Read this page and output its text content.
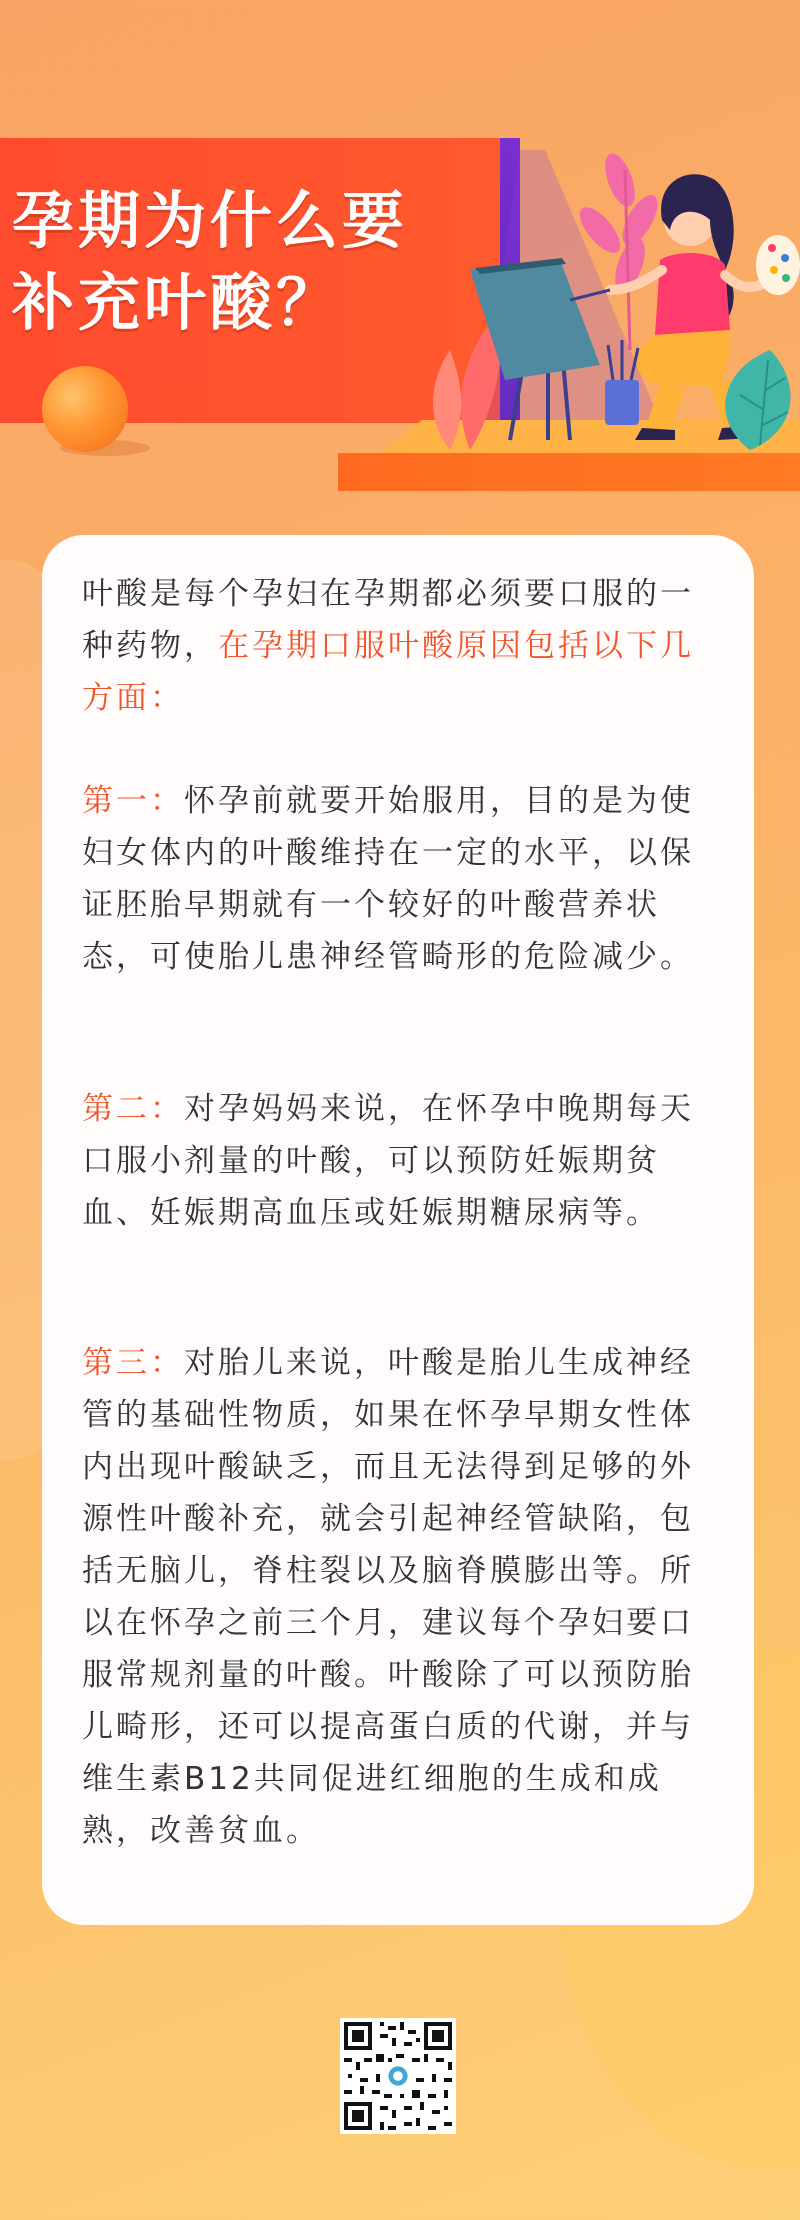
孕期为什么要
补充叶酸？

叶酸是每个孕妇在孕期都必须要口服的一种药物，在孕期口服叶酸原因包括以下几方面：

第一：怀孕前就要开始服用，目的是为使妇女体内的叶酸维持在一定的水平，以保证胚胎早期就有一个较好的叶酸营养状态，可使胎儿患神经管畸形的危险减少。

第二：对孕妈妈来说，在怀孕中晚期每天口服小剂量的叶酸，可以预防妊娠期贫血、妊娠期高血压或妊娠期糖尿病等。

第三：对胎儿来说，叶酸是胎儿生成神经管的基础性物质，如果在怀孕早期女性体内出现叶酸缺乏，而且无法得到足够的外源性叶酸补充，就会引起神经管缺陷，包括无脑儿，脊柱裂以及脑脊膜膨出等。所以在怀孕之前三个月，建议每个孕妇要口服常规剂量的叶酸。叶酸除了可以预防胎儿畸形，还可以提高蛋白质的代谢，并与维生素B12共同促进红细胞的生成和成熟，改善贫血。
